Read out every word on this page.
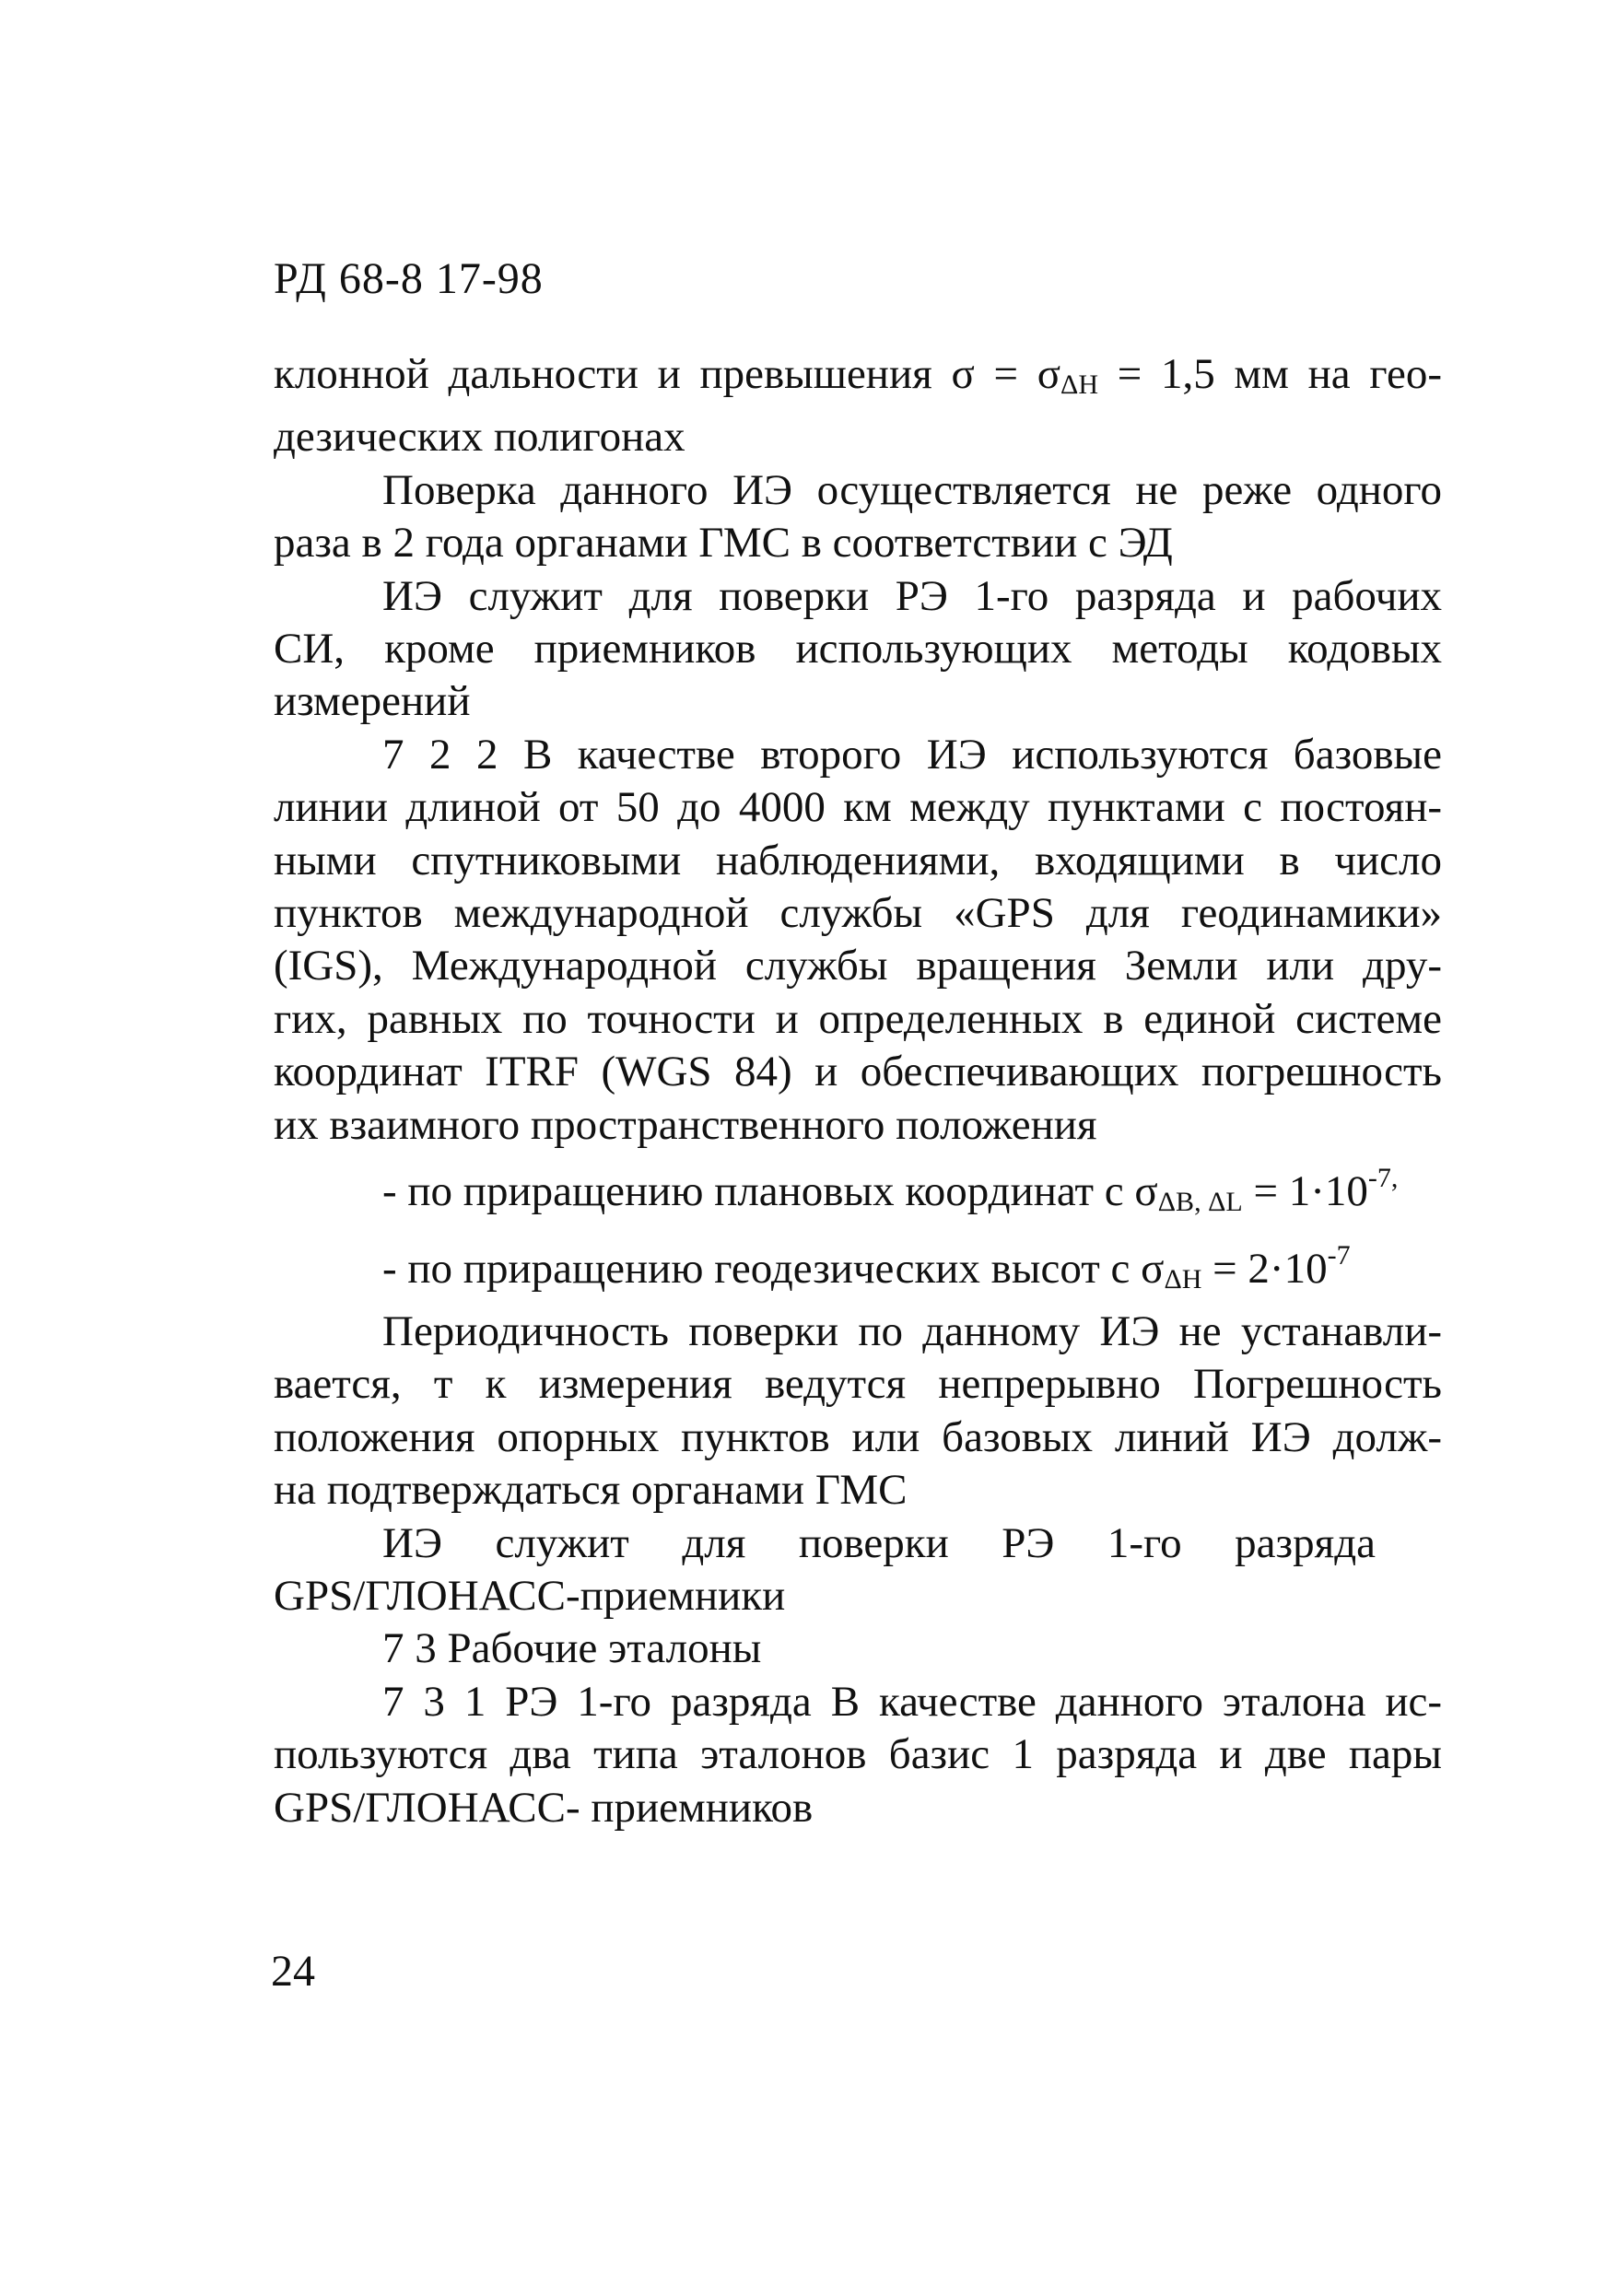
РД 68-8 17-98

клонной дальности и превышения $\sigma = \sigma_{\Delta H} = 1,5$ мм на гео-
дезических полигонах

Поверка данного ИЭ осуществляется не реже одного
раза в 2 года органами ГМС в соответствии с ЭД

ИЭ служит для поверки РЭ 1-го разряда и рабочих
СИ, кроме приемников использующих методы кодовых
измерений

7 2 2 В качестве второго ИЭ используются базовые
линии длиной от 50 до 4000 км между пунктами с постоян-
ными спутниковыми наблюдениями, входящими в число
пунктов международной службы «GPS для геодинамики»
(IGS), Международной службы вращения Земли или дру-
гих, равных по точности и определенных в единой системе
координат ITRF (WGS 84) и обеспечивающих погрешность
их взаимного пространственного положения

- по приращению плановых координат с $\sigma_{\Delta B, \Delta L} = 1\cdot 10^{-7,}$

- по приращению геодезических высот с $\sigma_{\Delta H} = 2\cdot 10^{-7}$

Периодичность поверки по данному ИЭ не устанавли-
вается, т к измерения ведутся непрерывно Погрешность
положения опорных пунктов или базовых линий ИЭ долж-
на подтверждаться органами ГМС

ИЭ служит для поверки РЭ 1-го разряда
GPS/ГЛОНАСС-приемники

7 3 Рабочие эталоны

7 3 1 РЭ 1-го разряда В качестве данного эталона ис-
пользуются два типа эталонов базис 1 разряда и две пары
GPS/ГЛОНАСС- приемников

24
